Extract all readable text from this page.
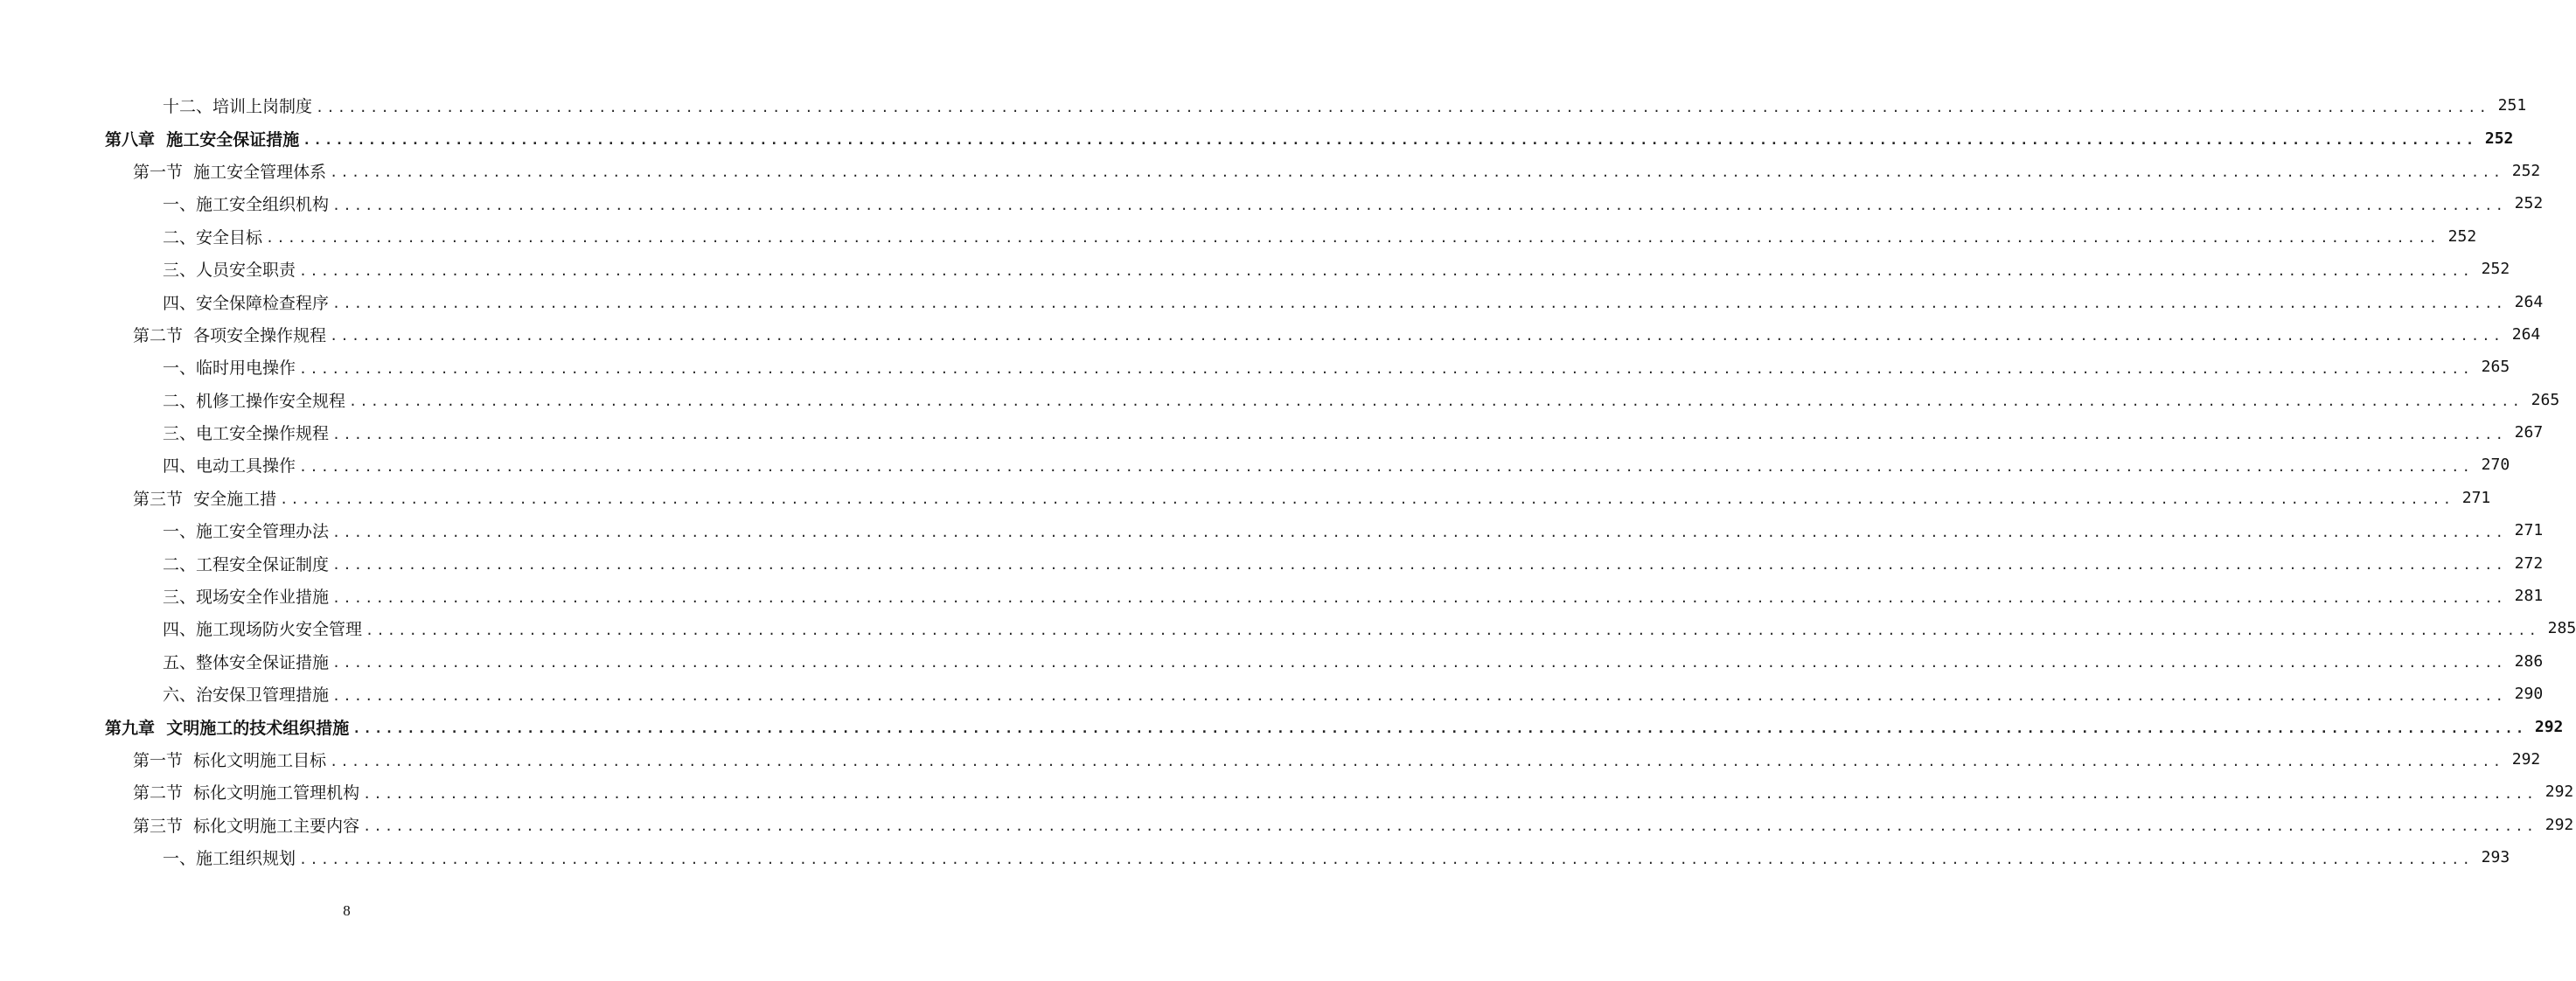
十二、培训上岗制度 ........................................................................................................................................................................................................ 251
第八章  施工安全保证措施 ........................................................................................................................................................................................................ 252
第一节  施工安全管理体系 ........................................................................................................................................................................................................ 252
一、施工安全组织机构 ........................................................................................................................................................................................................ 252
二、安全目标 ........................................................................................................................................................................................................ 252
三、人员安全职责 ........................................................................................................................................................................................................ 252
四、安全保障检查程序 ........................................................................................................................................................................................................ 264
第二节  各项安全操作规程 ........................................................................................................................................................................................................ 264
一、临时用电操作 ........................................................................................................................................................................................................ 265
二、机修工操作安全规程 ........................................................................................................................................................................................................ 265
三、电工安全操作规程 ........................................................................................................................................................................................................ 267
四、电动工具操作 ........................................................................................................................................................................................................ 270
第三节  安全施工措 ........................................................................................................................................................................................................ 271
一、施工安全管理办法 ........................................................................................................................................................................................................ 271
二、工程安全保证制度 ........................................................................................................................................................................................................ 272
三、现场安全作业措施 ........................................................................................................................................................................................................ 281
四、施工现场防火安全管理 ........................................................................................................................................................................................................ 285
五、整体安全保证措施 ........................................................................................................................................................................................................ 286
六、治安保卫管理措施 ........................................................................................................................................................................................................ 290
第九章  文明施工的技术组织措施 ........................................................................................................................................................................................................ 292
第一节  标化文明施工目标 ........................................................................................................................................................................................................ 292
第二节  标化文明施工管理机构 ........................................................................................................................................................................................................ 292
第三节  标化文明施工主要内容 ........................................................................................................................................................................................................ 292
一、施工组织规划 ........................................................................................................................................................................................................ 293
8
